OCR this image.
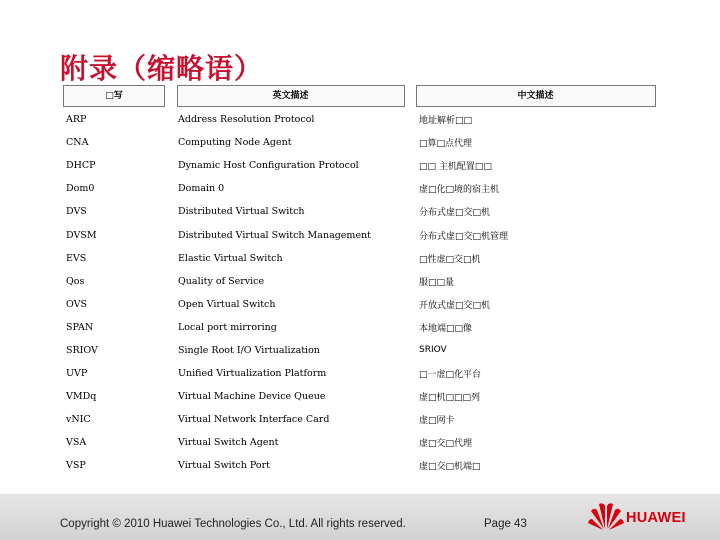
附录（缩略语）
□写	英文描述	中文描述
ARP	Address Resolution Protocol	地址解析□□
CNA	Computing Node Agent	□算□点代理
DHCP	Dynamic Host Configuration Protocol	□□ 主机配置□□
Dom0	Domain 0	虚□化□境的宿主机
DVS	Distributed Virtual Switch	分布式虚□交□机
DVSM	Distributed Virtual Switch Management	分布式虚□交□机管理
EVS	Elastic Virtual Switch	□性虚□交□机
Qos	Quality of Service	服□□量
OVS	Open Virtual Switch	开放式虚□交□机
SPAN	Local port mirroring	本地端□□像
SRIOV	Single Root I/O Virtualization	SRIOV
UVP	Unified Virtualization Platform	□一虚□化平台
VMDq	Virtual Machine Device Queue	虚□机□□□列
vNIC	Virtual Network Interface Card	虚□网卡
VSA	Virtual Switch Agent	虚□交□代理
VSP	Virtual Switch Port	虚□交□机端□
Copyright © 2010 Huawei Technologies Co., Ltd. All rights reserved.	Page 43	HUAWEI
